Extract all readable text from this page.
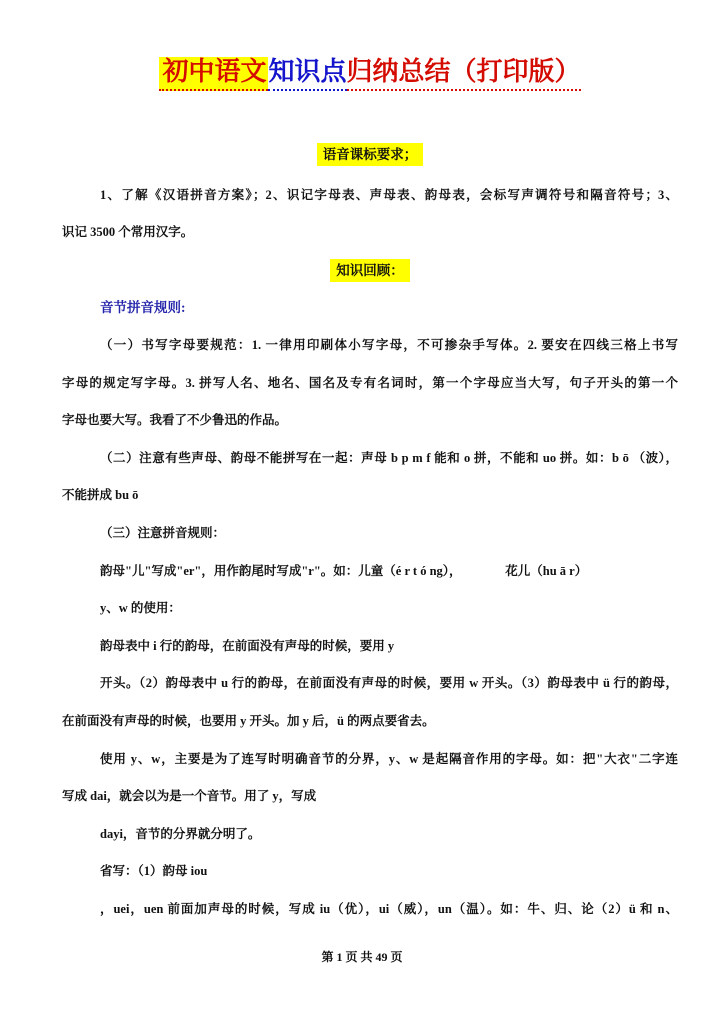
初中语文知识点归纳总结（打印版）
语音课标要求；
1、了解《汉语拼音方案》；2、识记字母表、声母表、韵母表，会标写声调符号和隔音符号；3、
识记 3500 个常用汉字。
知识回顾：
音节拼音规则:
（一）书写字母要规范：1. 一律用印刷体小写字母，不可掺杂手写体。2. 要安在四线三格上书写
字母的规定写字母。3. 拼写人名、地名、国名及专有名词时，第一个字母应当大写，句子开头的第一个
字母也要大写。我看了不少鲁迅的作品。
（二）注意有些声母、韵母不能拼写在一起：声母 b p m f 能和 o 拼，不能和 uo 拼。如：b ō （波），
不能拼成 bu ō
（三）注意拼音规则：
韵母"儿"写成"er"，用作韵尾时写成"r"。如：儿童（é r t ó ng），　　　　花儿（hu ā r）
y、w 的使用：
韵母表中 i 行的韵母，在前面没有声母的时候，要用 y
开头。（2）韵母表中 u 行的韵母，在前面没有声母的时候，要用 w 开头。（3）韵母表中 ü 行的韵母，
在前面没有声母的时候，也要用 y 开头。加 y 后，ü 的两点要省去。
使用 y、w，主要是为了连写时明确音节的分界，y、w 是起隔音作用的字母。如：把"大衣"二字连
写成 dai，就会以为是一个音节。用了 y，写成
dayi，音节的分界就分明了。
省写：（1）韵母 iou
，uei，uen 前面加声母的时候，写成 iu（优），ui（威），un（温）。如：牛、归、论（2）ü 和 n、
第 1 页 共 49 页
